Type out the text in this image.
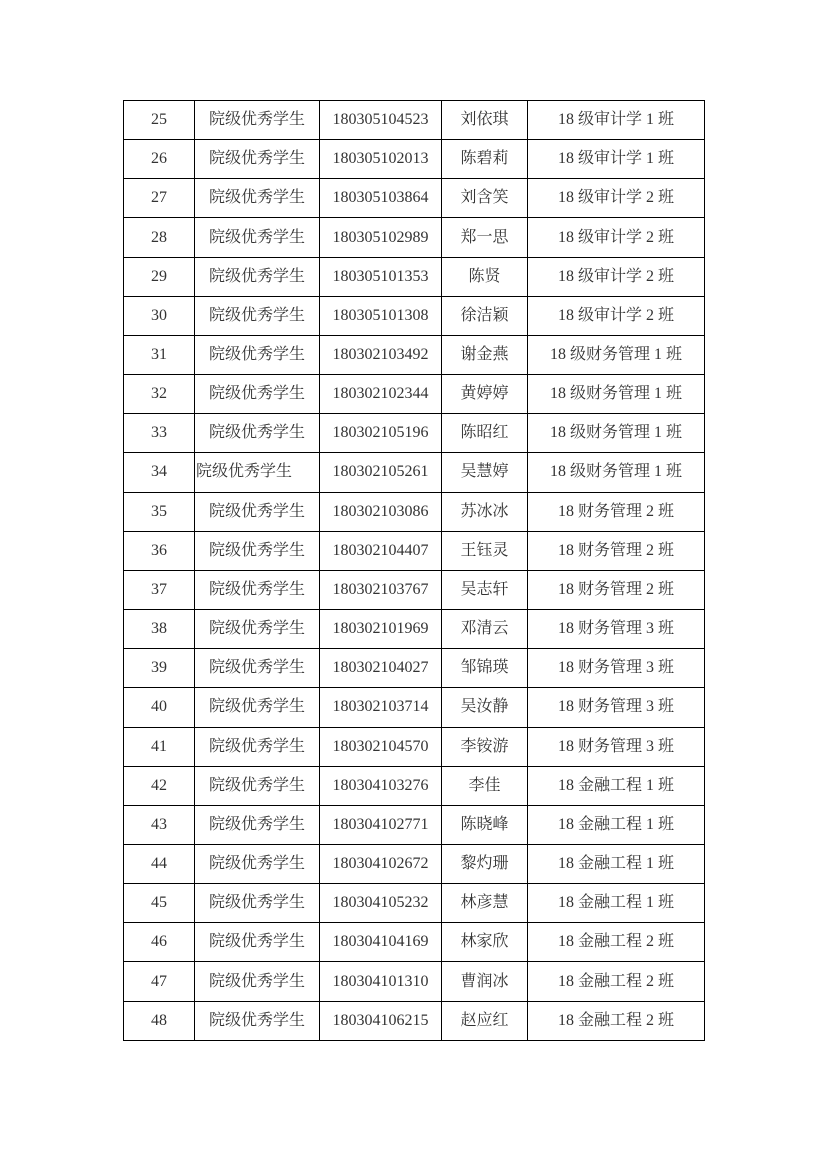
25	院级优秀学生	180305104523	刘依琪	18 级审计学 1 班
26	院级优秀学生	180305102013	陈碧莉	18 级审计学 1 班
27	院级优秀学生	180305103864	刘含笑	18 级审计学 2 班
28	院级优秀学生	180305102989	郑一思	18 级审计学 2 班
29	院级优秀学生	180305101353	陈贤	18 级审计学 2 班
30	院级优秀学生	180305101308	徐洁颖	18 级审计学 2 班
31	院级优秀学生	180302103492	谢金燕	18 级财务管理 1 班
32	院级优秀学生	180302102344	黄婷婷	18 级财务管理 1 班
33	院级优秀学生	180302105196	陈昭红	18 级财务管理 1 班
34	院级优秀学生	180302105261	吴慧婷	18 级财务管理 1 班
35	院级优秀学生	180302103086	苏冰冰	18 财务管理 2 班
36	院级优秀学生	180302104407	王钰灵	18 财务管理 2 班
37	院级优秀学生	180302103767	吴志轩	18 财务管理 2 班
38	院级优秀学生	180302101969	邓清云	18 财务管理 3 班
39	院级优秀学生	180302104027	邹锦瑛	18 财务管理 3 班
40	院级优秀学生	180302103714	吴汝静	18 财务管理 3 班
41	院级优秀学生	180302104570	李铵游	18 财务管理 3 班
42	院级优秀学生	180304103276	李佳	18 金融工程 1 班
43	院级优秀学生	180304102771	陈晓峰	18 金融工程 1 班
44	院级优秀学生	180304102672	黎灼珊	18 金融工程 1 班
45	院级优秀学生	180304105232	林彦慧	18 金融工程 1 班
46	院级优秀学生	180304104169	林家欣	18 金融工程 2 班
47	院级优秀学生	180304101310	曹润冰	18 金融工程 2 班
48	院级优秀学生	180304106215	赵应红	18 金融工程 2 班
